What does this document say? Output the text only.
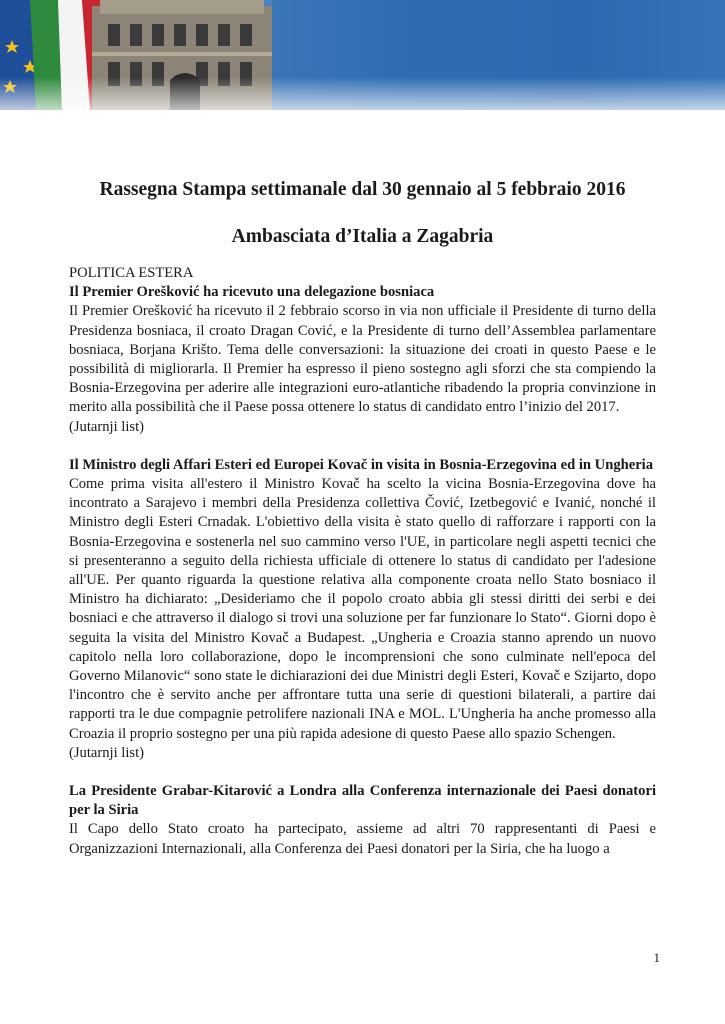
Rassegna Stampa settimanale dal 30 gennaio al 5 febbraio 2016
Ambasciata d’Italia a Zagabria

POLITICA ESTERA

Il Premier Orešković ha ricevuto una delegazione bosniaca

Il Premier Orešković ha ricevuto il 2 febbraio scorso in via non ufficiale il Presidente di turno della Presidenza bosniaca, il croato Dragan Cović, e la Presidente di turno dell’Assemblea parlamentare bosniaca, Borjana Krišto. Tema delle conversazioni: la situazione dei croati in questo Paese e le possibilità di migliorarla. Il Premier ha espresso il pieno sostegno agli sforzi che sta compiendo la Bosnia-Erzegovina per aderire alle integrazioni euro-atlantiche ribadendo la propria convinzione in merito alla possibilità che il Paese possa ottenere lo status di candidato entro l’inizio del 2017.

(Jutarnji list)

Il Ministro degli Affari Esteri ed Europei Kovač in visita in Bosnia-Erzegovina ed in Ungheria

Come prima visita all'estero il Ministro Kovač ha scelto la vicina Bosnia-Erzegovina dove ha incontrato a Sarajevo i membri della Presidenza collettiva Čović, Izetbegović e Ivanić, nonché il Ministro degli Esteri Crnadak. L'obiettivo della visita è stato quello di rafforzare i rapporti con la Bosnia-Erzegovina e sostenerla nel suo cammino verso l'UE, in particolare negli aspetti tecnici che si presenteranno a seguito della richiesta ufficiale di ottenere lo status di candidato per l'adesione all'UE. Per quanto riguarda la questione relativa alla componente croata nello Stato bosniaco il Ministro ha dichiarato: „Desideriamo che il popolo croato abbia gli stessi diritti dei serbi e dei bosniaci e che attraverso il dialogo si trovi una soluzione per far funzionare lo Stato“. Giorni dopo è seguita la visita del Ministro Kovač a Budapest. „Ungheria e Croazia stanno aprendo un nuovo capitolo nella loro collaborazione, dopo le incomprensioni che sono culminate nell'epoca del Governo Milanovic“ sono state le dichiarazioni dei due Ministri degli Esteri, Kovač e Szijarto, dopo l'incontro che è servito anche per affrontare tutta una serie di questioni bilaterali, a partire dai rapporti tra le due compagnie petrolifere nazionali INA e MOL. L'Ungheria ha anche promesso alla Croazia il proprio sostegno per una più rapida adesione di questo Paese allo spazio Schengen.

(Jutarnji list)

La Presidente Grabar-Kitarović a Londra alla Conferenza internazionale dei Paesi donatori per la Siria

Il Capo dello Stato croato ha partecipato, assieme ad altri 70 rappresentanti di Paesi e Organizzazioni Internazionali, alla Conferenza dei Paesi donatori per la Siria, che ha luogo a

1
